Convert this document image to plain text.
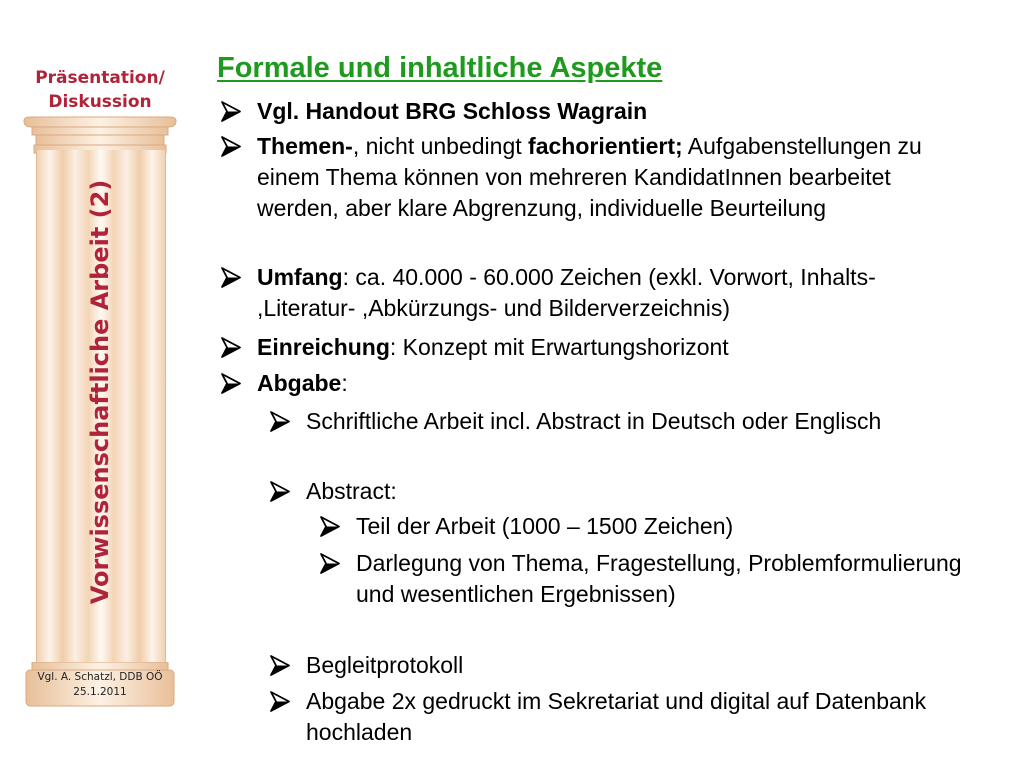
Präsentation/
Diskussion
Vorwissenschaftliche Arbeit (2)
Vgl. A. Schatzl, DDB OÖ
25.1.2011
Formale und inhaltliche Aspekte
Vgl. Handout BRG Schloss Wagrain
Themen-, nicht unbedingt fachorientiert; Aufgabenstellungen zu einem Thema können von mehreren KandidatInnen bearbeitet werden, aber klare Abgrenzung, individuelle Beurteilung
Umfang: ca. 40.000 - 60.000 Zeichen (exkl. Vorwort, Inhalts- ,Literatur- ,Abkürzungs- und Bilderverzeichnis)
Einreichung: Konzept mit Erwartungshorizont
Abgabe:
Schriftliche Arbeit incl. Abstract in Deutsch oder Englisch
Abstract:
Teil der Arbeit (1000 – 1500 Zeichen)
Darlegung von Thema, Fragestellung, Problemformulierung und wesentlichen Ergebnissen)
Begleitprotokoll
Abgabe 2x gedruckt im Sekretariat und digital auf Datenbank hochladen
